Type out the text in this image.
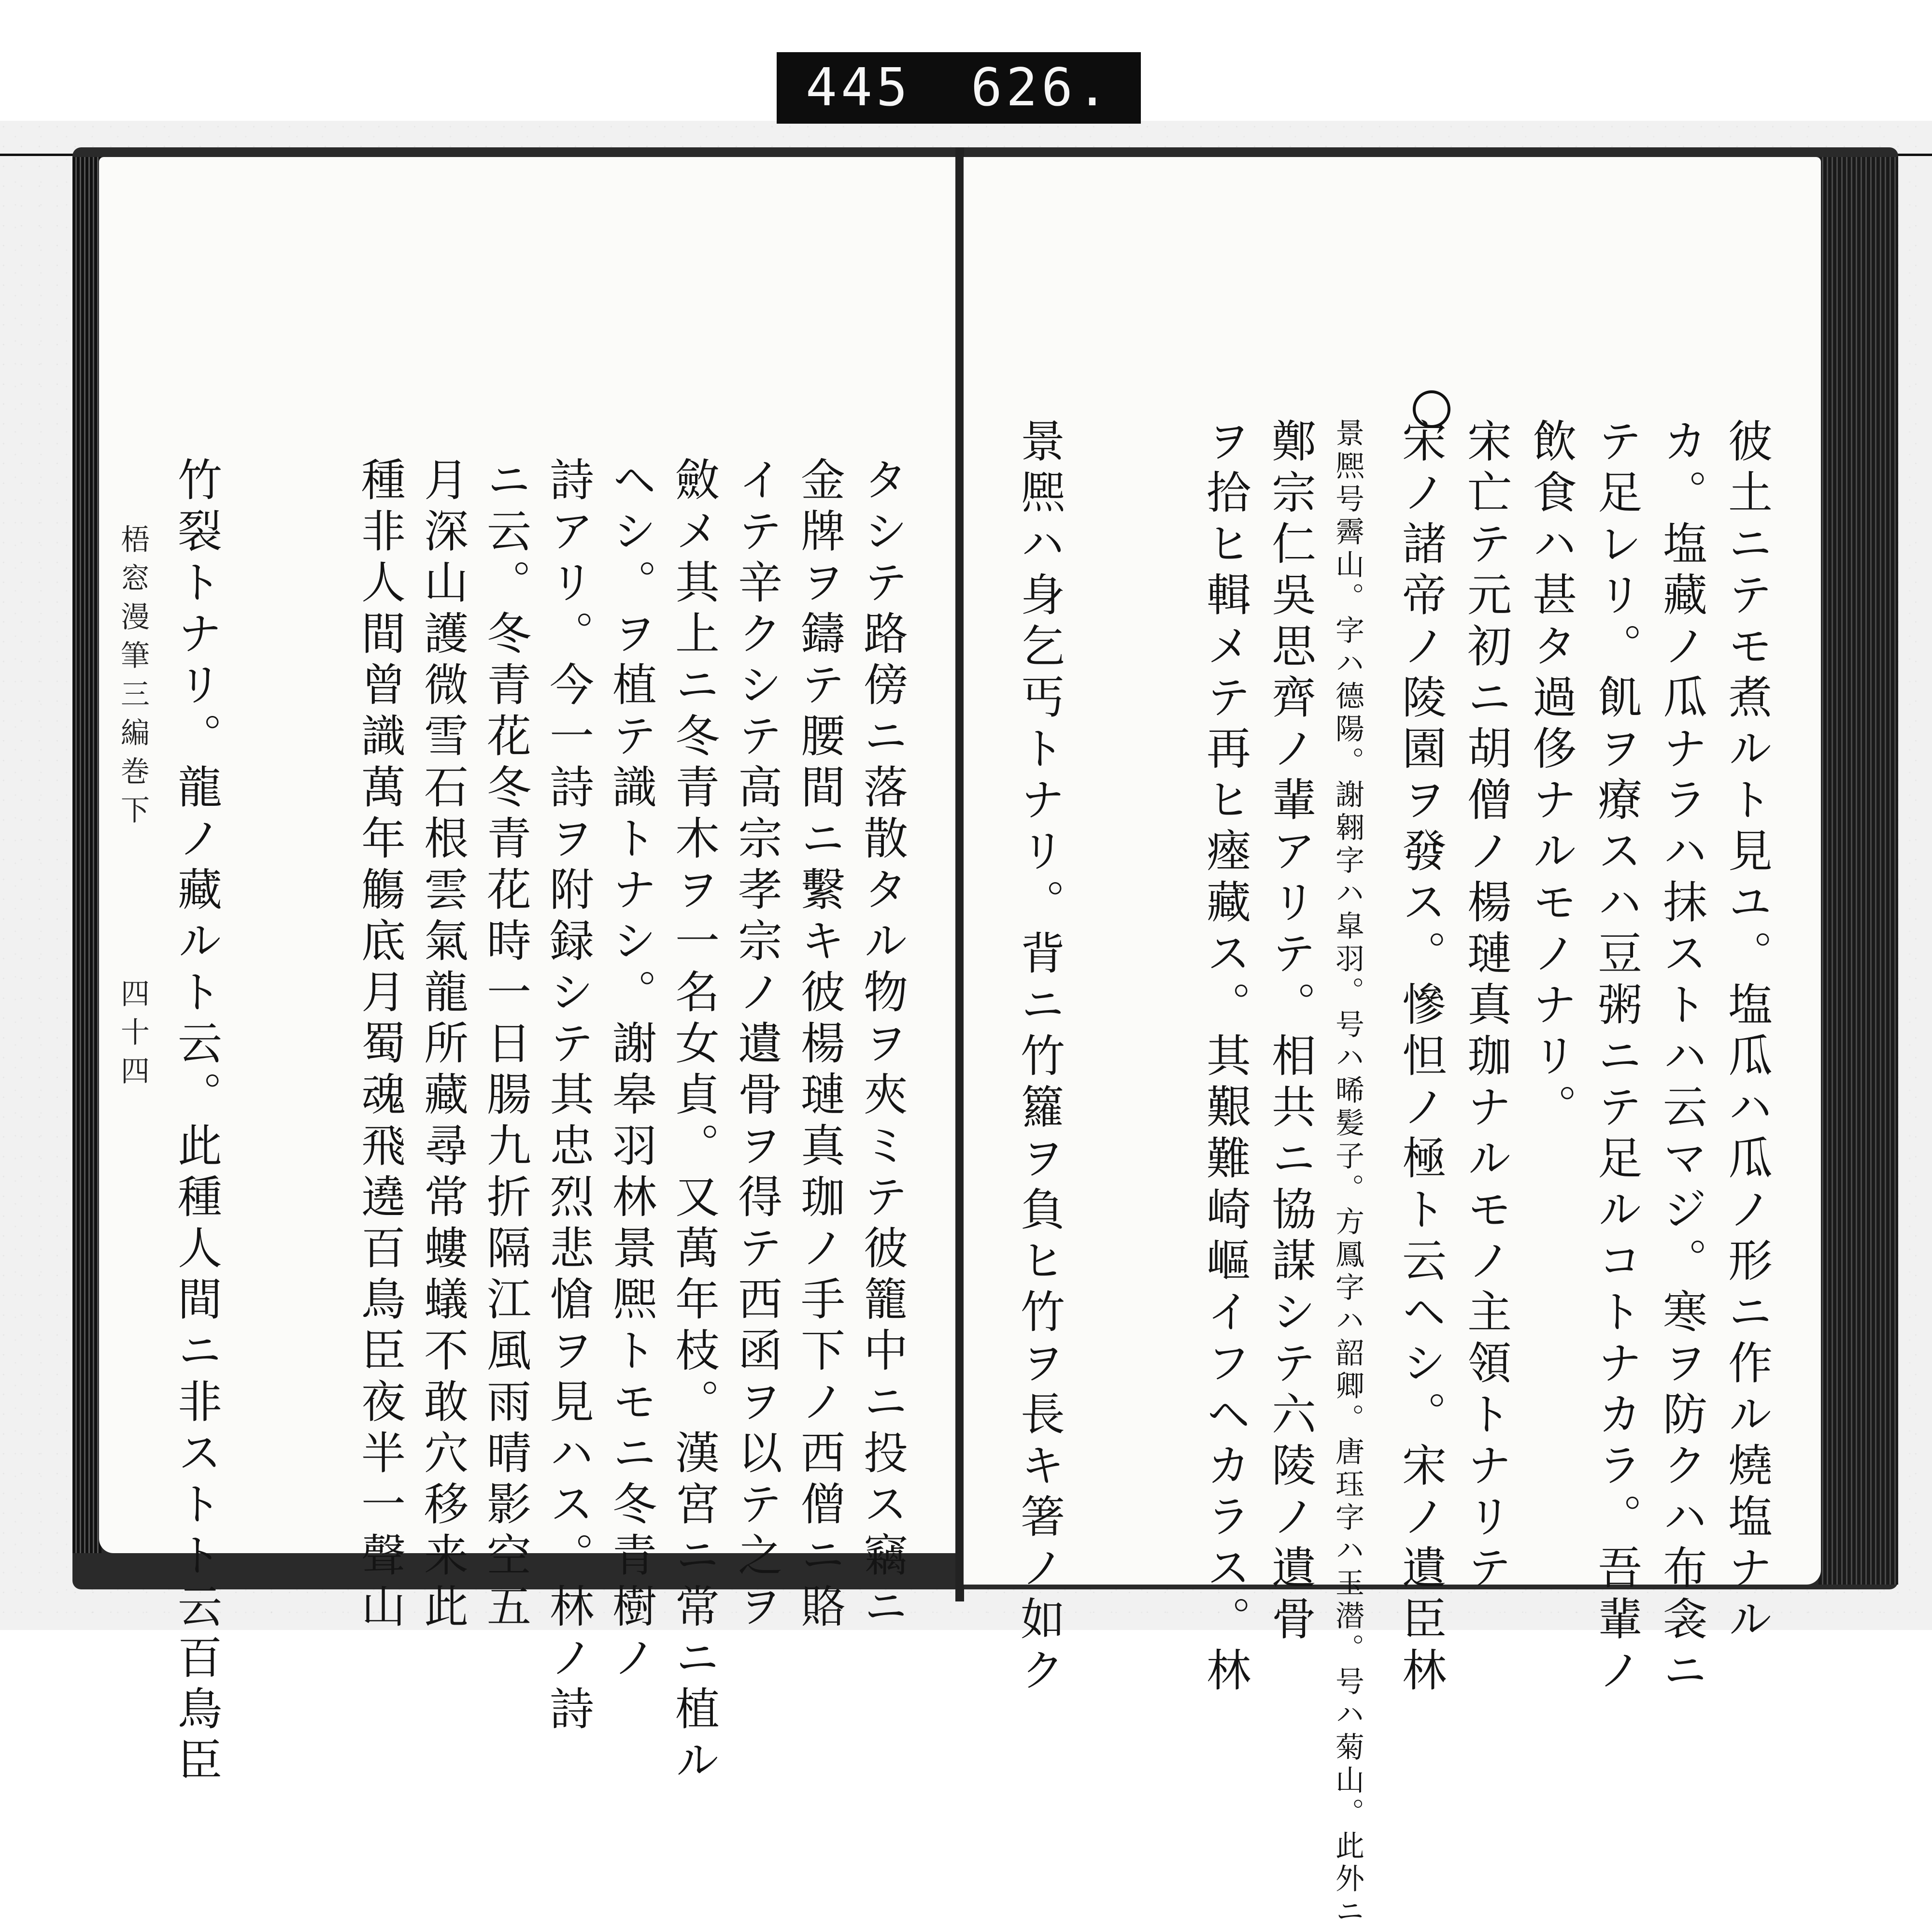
445 626.
タシテ路傍ニ落散タル物ヲ夾ミテ彼籠中ニ投ス竊ニ
金牌ヲ鑄テ腰間ニ繫キ彼楊璉真珈ノ手下ノ西僧ニ賂
イテ辛クシテ高宗孝宗ノ遺骨ヲ得テ西函ヲ以テ之ヲ
斂メ其上ニ冬青木ヲ一名女貞。又萬年枝。漢宮ニ常ニ植ル
ヘシ。ヲ植テ識トナシ。謝皋羽林景熈トモニ冬青樹ノ
詩アリ。今一詩ヲ附録シテ其忠烈悲愴ヲ見ハス。林ノ詩
ニ云。冬青花冬青花時一日腸九折隔江風雨晴影空五
月深山護微雪石根雲氣龍所藏尋常螻蟻不敢穴移来此
種非人間曾識萬年觴底月蜀魂飛遶百鳥臣夜半一聲山
竹裂トナリ。龍ノ藏ルト云。此種人間ニ非ストト云百鳥臣
梧窓漫筆三編巻下
四十四	彼土ニテモ煮ルト見ユ。塩瓜ハ瓜ノ形ニ作ル燒塩ナル
カ。塩藏ノ瓜ナラハ抹ストハ云マジ。寒ヲ防クハ布衾ニ
テ足レリ。飢ヲ療スハ豆粥ニテ足ルコトナカラ。吾輩ノ
飲食ハ甚タ過侈ナルモノナリ。
宋亡テ元初ニ胡僧ノ楊璉真珈ナルモノ主領トナリテ
宋ノ諸帝ノ陵園ヲ發ス。慘怛ノ極ト云ヘシ。宋ノ遺臣林
景熈号霽山。字ハ德陽。謝翱字ハ皐羽。号ハ晞髪子。方鳳字ハ韶卿。唐珏字ハ玉潜。号ハ菊山。此外ニ
鄭宗仁吳思齊ノ輩アリテ。相共ニ協謀シテ六陵ノ遺骨
ヲ拾ヒ輯メテ再ヒ瘞藏ス。其艱難崎嶇イフヘカラス。林
景熈ハ身乞丐トナリ。背ニ竹籮ヲ負ヒ竹ヲ長キ箸ノ如ク
